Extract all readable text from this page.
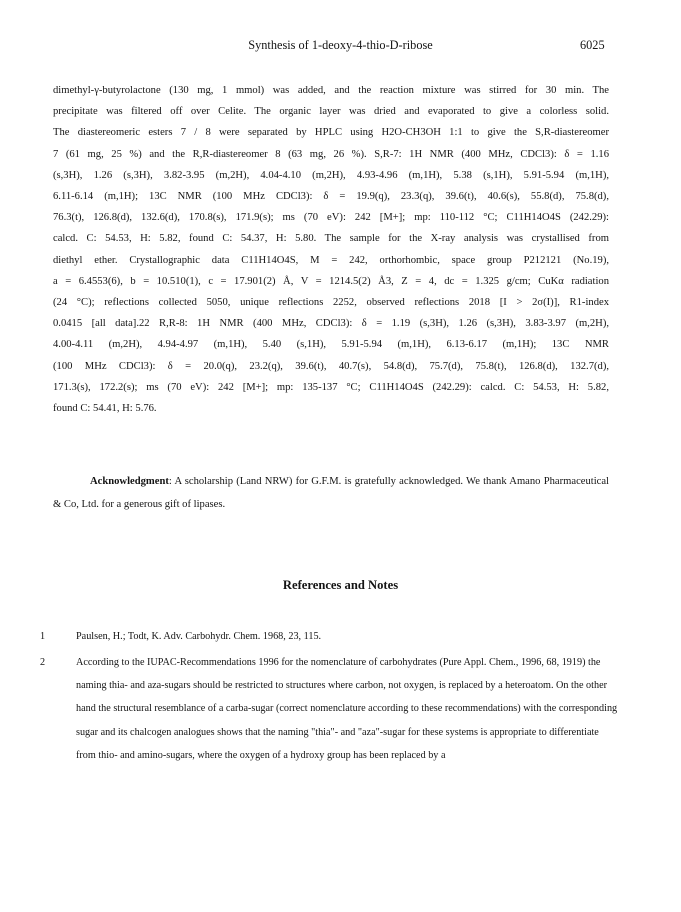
Synthesis of 1-deoxy-4-thio-D-ribose	6025
dimethyl-γ-butyrolactone (130 mg, 1 mmol) was added, and the reaction mixture was stirred for 30 min. The
precipitate was filtered off over Celite. The organic layer was dried and evaporated to give a colorless solid.
The diastereomeric esters 7 / 8 were separated by HPLC using H2O-CH3OH 1:1 to give the S,R-diastereomer
7 (61 mg, 25 %) and the R,R-diastereomer 8 (63 mg, 26 %). S,R-7: 1H NMR (400 MHz, CDCl3): δ = 1.16
(s,3H), 1.26 (s,3H), 3.82-3.95 (m,2H), 4.04-4.10 (m,2H), 4.93-4.96 (m,1H), 5.38 (s,1H), 5.91-5.94 (m,1H),
6.11-6.14 (m,1H); 13C NMR (100 MHz CDCl3): δ = 19.9(q), 23.3(q), 39.6(t), 40.6(s), 55.8(d), 75.8(d),
76.3(t), 126.8(d), 132.6(d), 170.8(s), 171.9(s); ms (70 eV): 242 [M+]; mp: 110-112 °C; C11H14O4S (242.29):
calcd. C: 54.53, H: 5.82, found C: 54.37, H: 5.80. The sample for the X-ray analysis was crystallised from
diethyl ether. Crystallographic data C11H14O4S, M = 242, orthorhombic, space group P212121 (No.19),
a = 6.4553(6), b = 10.510(1), c = 17.901(2) Å, V = 1214.5(2) Å3, Z = 4, dc = 1.325 g/cm; CuKα radiation
(24 °C); reflections collected 5050, unique reflections 2252, observed reflections 2018 [I > 2σ(I)], R1-index
0.0415 [all data].22 R,R-8: 1H NMR (400 MHz, CDCl3): δ = 1.19 (s,3H), 1.26 (s,3H), 3.83-3.97 (m,2H),
4.00-4.11 (m,2H), 4.94-4.97 (m,1H), 5.40 (s,1H), 5.91-5.94 (m,1H), 6.13-6.17 (m,1H); 13C NMR
(100 MHz CDCl3): δ = 20.0(q), 23.2(q), 39.6(t), 40.7(s), 54.8(d), 75.7(d), 75.8(t), 126.8(d), 132.7(d),
171.3(s), 172.2(s); ms (70 eV): 242 [M+]; mp: 135-137 °C; C11H14O4S (242.29): calcd. C: 54.53, H: 5.82,
found C: 54.41, H: 5.76.

Acknowledgment: A scholarship (Land NRW) for G.F.M. is gratefully acknowledged. We thank Amano Pharmaceutical & Co, Ltd. for a generous gift of lipases.

References and Notes
1	Paulsen, H.; Todt, K. Adv. Carbohydr. Chem. 1968, 23, 115.
2	According to the IUPAC-Recommendations 1996 for the nomenclature of carbohydrates (Pure Appl. Chem., 1996, 68, 1919) the naming thia- and aza-sugars should be restricted to structures where carbon, not oxygen, is replaced by a heteroatom. On the other hand the structural resemblance of a carba-sugar (correct nomenclature according to these recommendations) with the corresponding sugar and its chalcogen analogues shows that the naming "thia"- and "aza"-sugar for these systems is appropriate to differentiate from thio- and amino-sugars, where the oxygen of a hydroxy group has been replaced by a
